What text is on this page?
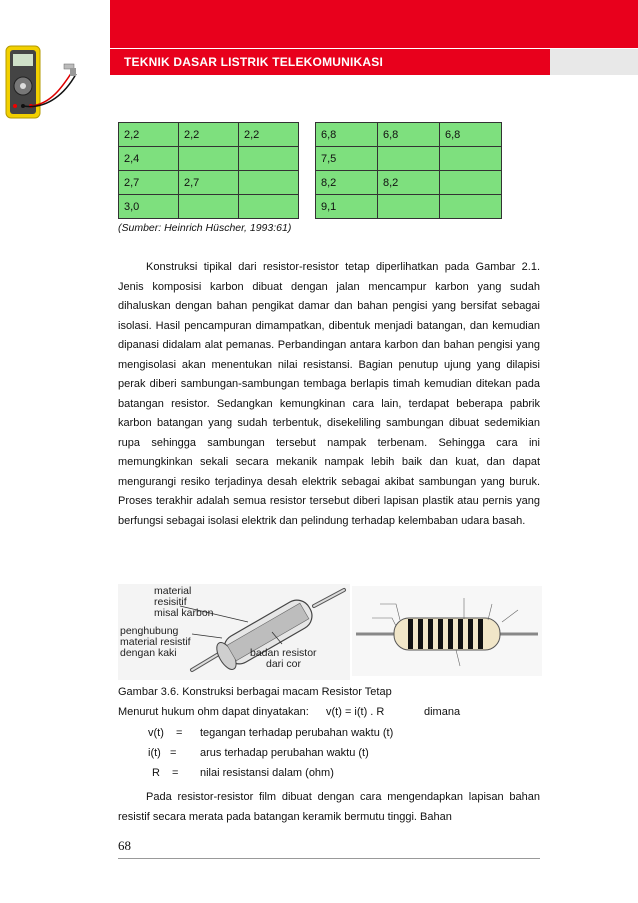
TEKNIK DASAR LISTRIK TELEKOMUNIKASI
2,2	2,2	2,2
2,4		
2,7	2,7	
3,0		
6,8	6,8	6,8
7,5		
8,2	8,2	
9,1		
(Sumber: Heinrich Hüscher, 1993:61)

Konstruksi tipikal dari resistor-resistor tetap diperlihatkan pada Gambar 2.1. Jenis komposisi karbon dibuat dengan jalan mencampur karbon yang sudah dihaluskan dengan bahan pengikat damar dan bahan pengisi yang bersifat sebagai isolasi. Hasil pencampuran dimampatkan, dibentuk menjadi batangan, dan kemudian dipanasi didalam alat pemanas. Perbandingan antara karbon dan bahan pengisi yang mengisolasi akan menentukan nilai resistansi. Bagian penutup ujung yang dilapisi perak diberi sambungan-sambungan tembaga berlapis timah kemudian ditekan pada batangan resistor. Sedangkan kemungkinan cara lain, terdapat beberapa pabrik karbon batangan yang sudah terbentuk, disekeliling sambungan dibuat sedemikian rupa sehingga sambungan tersebut nampak terbenam. Sehingga cara ini memungkinkan sekali secara mekanik nampak lebih baik dan kuat, dan dapat mengurangi resiko terjadinya desah elektrik sebagai akibat sambungan yang buruk. Proses terakhir adalah semua resistor tersebut diberi lapisan plastik atau pernis yang berfungsi sebagai isolasi elektrik dan pelindung terhadap kelembaban udara basah.

material
resisitif
misal karbon
penghubung
material resistif
dengan kaki	badan resistor
dari cor
Gambar 3.6. Konstruksi berbagai macam Resistor Tetap
Menurut hukum ohm dapat dinyatakan: v(t) = i(t) . R	dimana
v(t) = tegangan terhadap perubahan waktu (t)
i(t) = arus terhadap perubahan waktu (t)
R = nilai resistansi dalam (ohm)

Pada resistor-resistor film dibuat dengan cara mengendapkan lapisan bahan resistif secara merata pada batangan keramik bermutu tinggi. Bahan

68
